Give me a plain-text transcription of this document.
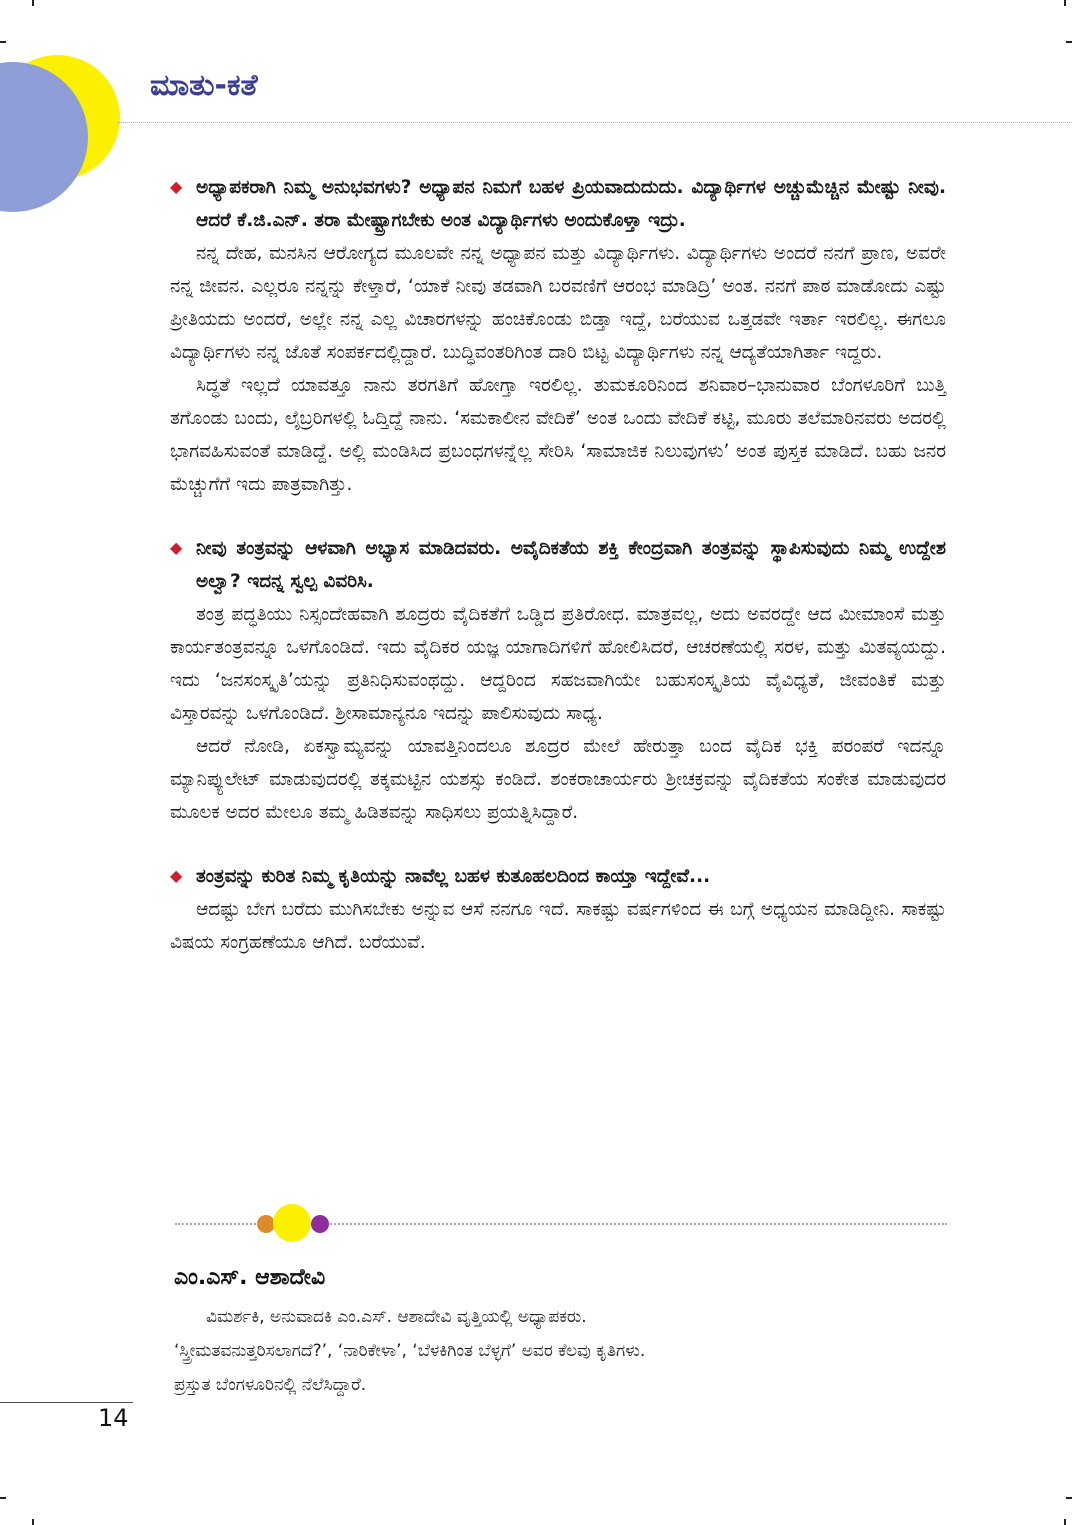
ಮಾತು-ಕತೆ

◆ ಅಧ್ಯಾಪಕರಾಗಿ ನಿಮ್ಮ ಅನುಭವಗಳು? ಅಧ್ಯಾಪನ ನಿಮಗೆ ಬಹಳ ಪ್ರಿಯವಾದುದುದು. ವಿದ್ಯಾರ್ಥಿಗಳ ಅಚ್ಚುಮೆಚ್ಚಿನ ಮೇಷ್ಟು ನೀವು. ಆದರೆ ಕೆ.ಜಿ.ಎನ್. ತರಾ ಮೇಷ್ಟ್ರಾಗಬೇಕು ಅಂತ ವಿದ್ಯಾರ್ಥಿಗಳು ಅಂದುಕೊಳ್ತಾ ಇದ್ರು.

ನನ್ನ ದೇಹ, ಮನಸಿನ ಆರೋಗ್ಯದ ಮೂಲವೇ ನನ್ನ ಅಧ್ಯಾಪನ ಮತ್ತು ವಿದ್ಯಾರ್ಥಿಗಳು. ವಿದ್ಯಾರ್ಥಿಗಳು ಅಂದರೆ ನನಗೆ ಪ್ರಾಣ, ಅವರೇ ನನ್ನ ಜೀವನ. ಎಲ್ಲರೂ ನನ್ನನ್ನು ಕೇಳ್ತಾರೆ, ‘ಯಾಕೆ ನೀವು ತಡವಾಗಿ ಬರವಣಿಗೆ ಆರಂಭ ಮಾಡಿದ್ರಿ’ ಅಂತ. ನನಗೆ ಪಾಠ ಮಾಡೋದು ಎಷ್ಟು ಪ್ರೀತಿಯದು ಅಂದರೆ, ಅಲ್ಲೇ ನನ್ನ ಎಲ್ಲ ವಿಚಾರಗಳನ್ನು ಹಂಚಿಕೊಂಡು ಬಿಡ್ತಾ ಇದ್ದೆ, ಬರೆಯುವ ಒತ್ತಡವೇ ಇರ್ತಾ ಇರಲಿಲ್ಲ. ಈಗಲೂ ವಿದ್ಯಾರ್ಥಿಗಳು ನನ್ನ ಜೊತೆ ಸಂಪರ್ಕದಲ್ಲಿದ್ದಾರೆ. ಬುದ್ಧಿವಂತರಿಗಿಂತ ದಾರಿ ಬಿಟ್ಟ ವಿದ್ಯಾರ್ಥಿಗಳು ನನ್ನ ಆದ್ಯತೆಯಾಗಿರ್ತಾ ಇದ್ದರು.

ಸಿದ್ಧತೆ ಇಲ್ಲದೆ ಯಾವತ್ತೂ ನಾನು ತರಗತಿಗೆ ಹೋಗ್ತಾ ಇರಲಿಲ್ಲ. ತುಮಕೂರಿನಿಂದ ಶನಿವಾರ–ಭಾನುವಾರ ಬೆಂಗಳೂರಿಗೆ ಬುತ್ತಿ ತಗೊಂಡು ಬಂದು, ಲೈಬ್ರರಿಗಳಲ್ಲಿ ಓದ್ತಿದ್ದೆ ನಾನು. ‘ಸಮಕಾಲೀನ ವೇದಿಕೆ’ ಅಂತ ಒಂದು ವೇದಿಕೆ ಕಟ್ಟಿ, ಮೂರು ತಲೆಮಾರಿನವರು ಅದರಲ್ಲಿ ಭಾಗವಹಿಸುವಂತೆ ಮಾಡಿದ್ದೆ. ಅಲ್ಲಿ ಮಂಡಿಸಿದ ಪ್ರಬಂಧಗಳನ್ನೆಲ್ಲ ಸೇರಿಸಿ ‘ಸಾಮಾಜಿಕ ನಿಲುವುಗಳು’ ಅಂತ ಪುಸ್ತಕ ಮಾಡಿದೆ. ಬಹು ಜನರ ಮೆಚ್ಚುಗೆಗೆ ಇದು ಪಾತ್ರವಾಗಿತ್ತು.

◆ ನೀವು ತಂತ್ರವನ್ನು ಆಳವಾಗಿ ಅಭ್ಯಾಸ ಮಾಡಿದವರು. ಅವೈದಿಕತೆಯ ಶಕ್ತಿ ಕೇಂದ್ರವಾಗಿ ತಂತ್ರವನ್ನು ಸ್ಥಾಪಿಸುವುದು ನಿಮ್ಮ ಉದ್ದೇಶ ಅಲ್ವಾ? ಇದನ್ನ ಸ್ವಲ್ಪ ವಿವರಿಸಿ.

ತಂತ್ರ ಪದ್ಧತಿಯು ನಿಸ್ಸಂದೇಹವಾಗಿ ಶೂದ್ರರು ವೈದಿಕತೆಗೆ ಒಡ್ಡಿದ ಪ್ರತಿರೋಧ. ಮಾತ್ರವಲ್ಲ, ಅದು ಅವರದ್ದೇ ಆದ ಮೀಮಾಂಸೆ ಮತ್ತು ಕಾರ್ಯತಂತ್ರವನ್ನೂ ಒಳಗೊಂಡಿದೆ. ಇದು ವೈದಿಕರ ಯಜ್ಞ ಯಾಗಾದಿಗಳಿಗೆ ಹೋಲಿಸಿದರೆ, ಆಚರಣೆಯಲ್ಲಿ ಸರಳ, ಮತ್ತು ಮಿತವ್ಯಯದ್ದು. ಇದು ‘ಜನಸಂಸ್ಕೃತಿ’ಯನ್ನು ಪ್ರತಿನಿಧಿಸುವಂಥದ್ದು. ಆದ್ದರಿಂದ ಸಹಜವಾಗಿಯೇ ಬಹುಸಂಸ್ಕೃತಿಯ ವೈವಿಧ್ಯತೆ, ಜೀವಂತಿಕೆ ಮತ್ತು ವಿಸ್ತಾರವನ್ನು ಒಳಗೊಂಡಿದೆ. ಶ್ರೀಸಾಮಾನ್ಯನೂ ಇದನ್ನು ಪಾಲಿಸುವುದು ಸಾಧ್ಯ.

ಆದರೆ ನೋಡಿ, ಏಕಸ್ವಾಮ್ಯವನ್ನು ಯಾವತ್ತಿನಿಂದಲೂ ಶೂದ್ರರ ಮೇಲೆ ಹೇರುತ್ತಾ ಬಂದ ವೈದಿಕ ಭಕ್ತಿ ಪರಂಪರೆ ಇದನ್ನೂ ಮ್ಯಾನಿಪ್ಯುಲೇಟ್ ಮಾಡುವುದರಲ್ಲಿ ತಕ್ಕಮಟ್ಟಿನ ಯಶಸ್ಸು ಕಂಡಿದೆ. ಶಂಕರಾಚಾರ್ಯರು ಶ್ರೀಚಕ್ರವನ್ನು ವೈದಿಕತೆಯ ಸಂಕೇತ ಮಾಡುವುದರ ಮೂಲಕ ಅದರ ಮೇಲೂ ತಮ್ಮ ಹಿಡಿತವನ್ನು ಸಾಧಿಸಲು ಪ್ರಯತ್ನಿಸಿದ್ದಾರೆ.

◆ ತಂತ್ರವನ್ನು ಕುರಿತ ನಿಮ್ಮ ಕೃತಿಯನ್ನು ನಾವೆಲ್ಲ ಬಹಳ ಕುತೂಹಲದಿಂದ ಕಾಯ್ತಾ ಇದ್ದೇವೆ...

ಆದಷ್ಟು ಬೇಗ ಬರೆದು ಮುಗಿಸಬೇಕು ಅನ್ನುವ ಆಸೆ ನನಗೂ ಇದೆ. ಸಾಕಷ್ಟು ವರ್ಷಗಳಿಂದ ಈ ಬಗ್ಗೆ ಅಧ್ಯಯನ ಮಾಡಿದ್ದೀನಿ. ಸಾಕಷ್ಟು ವಿಷಯ ಸಂಗ್ರಹಣೆಯೂ ಆಗಿದೆ. ಬರೆಯುವೆ.

ಎಂ.ಎಸ್. ಆಶಾದೇವಿ

ವಿಮರ್ಶಕಿ, ಅನುವಾದಕಿ ಎಂ.ಎಸ್. ಆಶಾದೇವಿ ವೃತ್ತಿಯಲ್ಲಿ ಅಧ್ಯಾಪಕರು.

‘ಸ್ತ್ರೀಮತವನುತ್ತರಿಸಲಾಗದೆ?’, ‘ನಾರಿಕೇಳಾ’, ‘ಬೆಳಕಿಗಿಂತ ಬೆಳ್ಳಗೆ’ ಅವರ ಕೆಲವು ಕೃತಿಗಳು.

ಪ್ರಸ್ತುತ ಬೆಂಗಳೂರಿನಲ್ಲಿ ನೆಲೆಸಿದ್ದಾರೆ.

14
